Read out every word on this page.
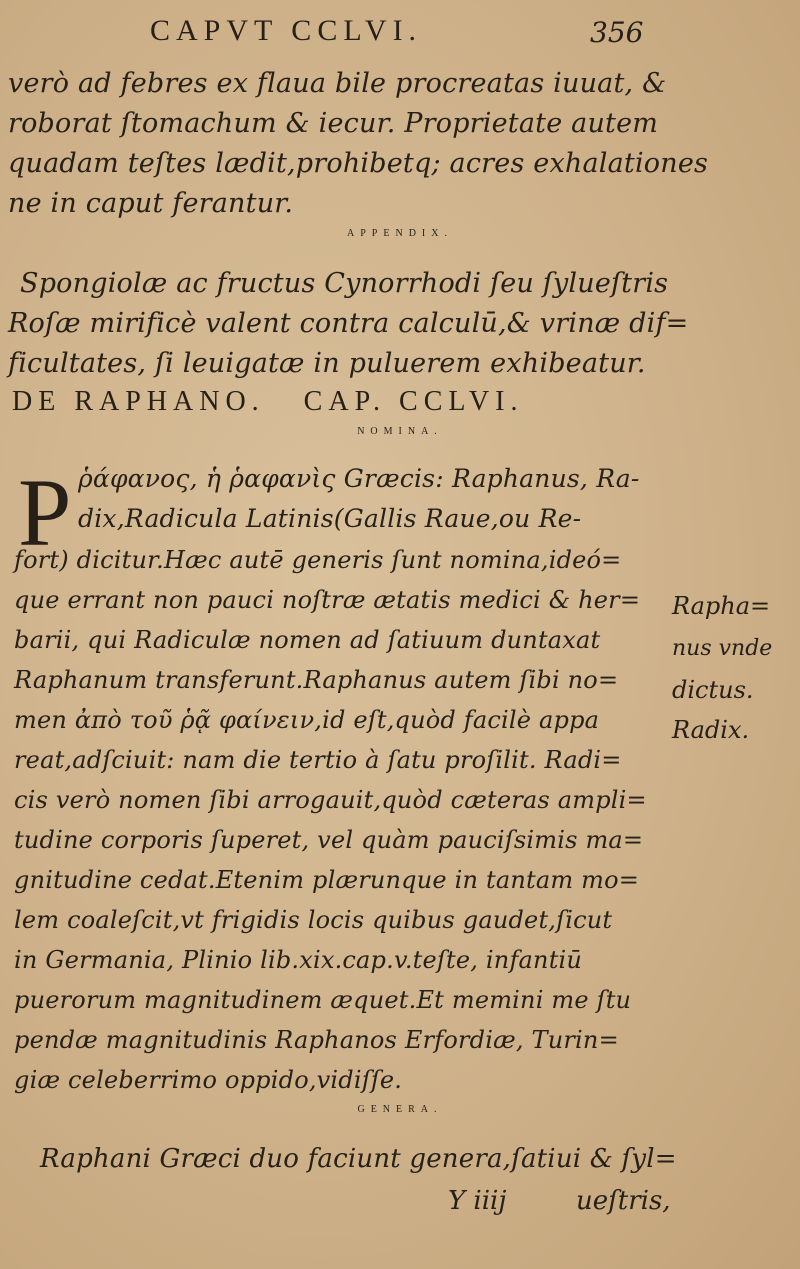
CAPVT CCLVI.	356
verò ad febres ex flaua bile procreatas iuuat, &
roborat ſtomachum & iecur. Proprietate autem
quadam teſtes lædit,prohibetq; acres exhalationes
ne in caput ferantur.
APPENDIX.
Spongiolæ ac fructus Cynorrhodi ſeu ſylueſtris
Roſæ mirificè valent contra calculū,& vrinæ dif=
ficultates, ſi leuigatæ in puluerem exhibeatur.
DE RAPHANO.   CAP. CCLVI.
NOMINA.
P ῥάφανος, ἡ ῥαφανὶς Græcis: Raphanus, Ra-
dix,Radicula Latinis(Gallis Raue,ou Re-
fort) dicitur.Hæc autē generis ſunt nomina,ideó=
que errant non pauci noſtræ ætatis medici & her=
barii, qui Radiculæ nomen ad ſatiuum duntaxat
Raphanum transferunt.Raphanus autem ſibi no=
men ἀπὸ τοῦ ῥᾷ φαίνειν,id eſt,quòd facilè appa
reat,adſciuit: nam die tertio à ſatu proſilit. Radi=
cis verò nomen ſibi arrogauit,quòd cæteras ampli=
tudine corporis ſuperet, vel quàm pauciſsimis ma=
gnitudine cedat.Etenim plærunque in tantam mo=
lem coaleſcit,vt frigidis locis quibus gaudet,ſicut
in Germania, Plinio lib.xix.cap.v.teſte, infantiū
puerorum magnitudinem æquet.Et memini me ſtu
pendæ magnitudinis Raphanos Erfordiæ, Turin=
giæ celeberrimo oppido,vidiſſe.
GENERA.
Raphani Græci duo faciunt genera,ſatiui & ſyl=
Y iiij	ueſtris,
Rapha=
nus vnde
dictus.
Radix.
